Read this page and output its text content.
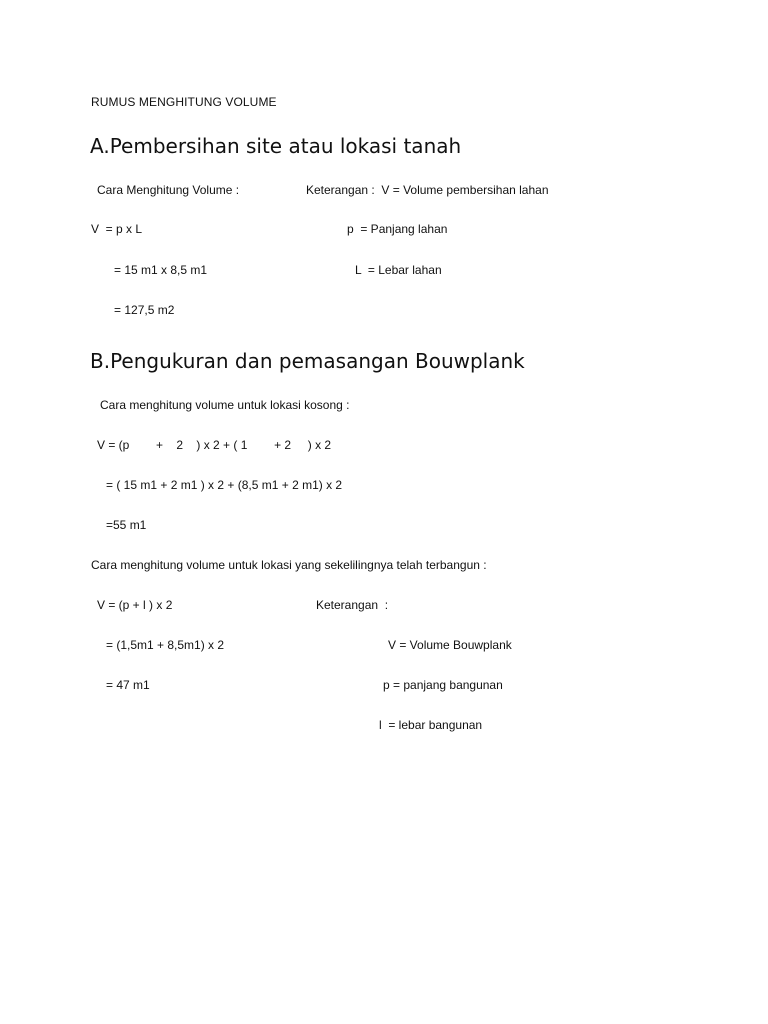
RUMUS MENGHITUNG VOLUME

A.Pembersihan site atau lokasi tanah

Cara Menghitung Volume :	Keterangan :  V = Volume pembersihan lahan

V  = p x L	p  = Panjang lahan

= 15 m1 x 8,5 m1	L  = Lebar lahan

= 127,5 m2

B.Pengukuran dan pemasangan Bouwplank

Cara menghitung volume untuk lokasi kosong :

V = (p        +    2    ) x 2 + ( 1        + 2     ) x 2

= ( 15 m1 + 2 m1 ) x 2 + (8,5 m1 + 2 m1) x 2

=55 m1

Cara menghitung volume untuk lokasi yang sekelilingnya telah terbangun :

V = (p + l ) x 2	Keterangan  :

= (1,5m1 + 8,5m1) x 2	V = Volume Bouwplank

= 47 m1	p = panjang bangunan

l  = lebar bangunan
